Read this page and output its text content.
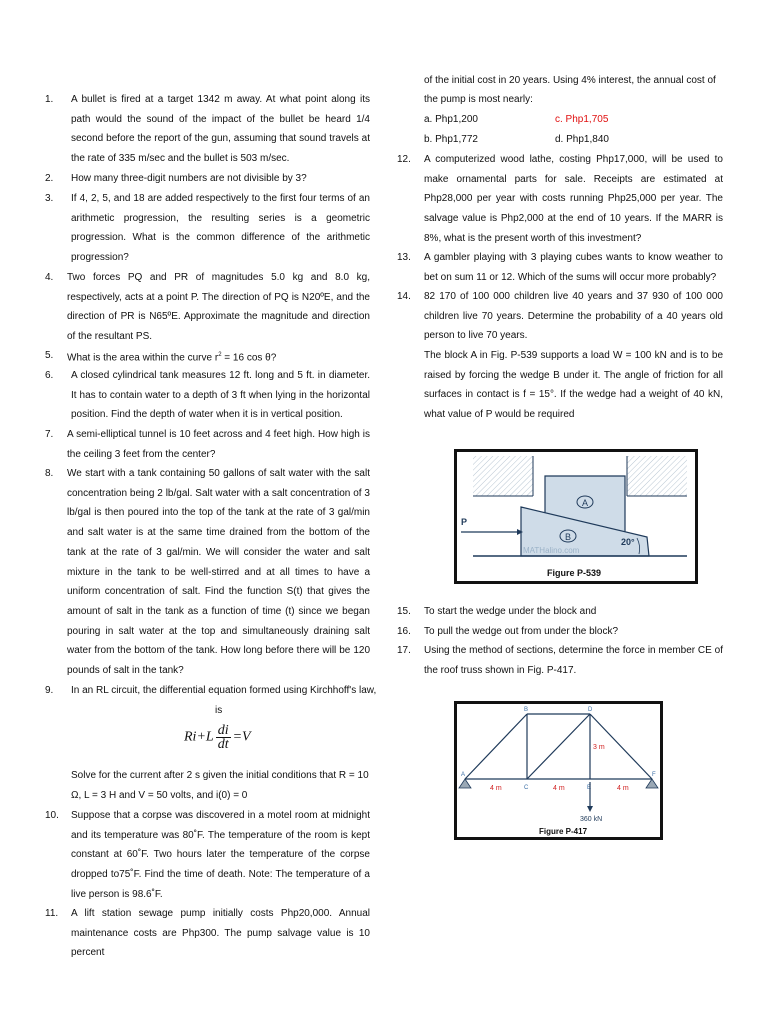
1. A bullet is fired at a target 1342 m away. At what point along its path would the sound of the impact of the bullet be heard 1/4 second before the report of the gun, assuming that sound travels at the rate of 335 m/sec and the bullet is 503 m/sec.
2. How many three-digit numbers are not divisible by 3?
3. If 4, 2, 5, and 18 are added respectively to the first four terms of an arithmetic progression, the resulting series is a geometric progression. What is the common difference of the arithmetic progression?
4. Two forces PQ and PR of magnitudes 5.0 kg and 8.0 kg, respectively, acts at a point P. The direction of PQ is N20ºE, and the direction of PR is N65ºE. Approximate the magnitude and direction of the resultant PS.
5. What is the area within the curve $r^2 = 16$ cos θ?
6. A closed cylindrical tank measures 12 ft. long and 5 ft. in diameter. It has to contain water to a depth of 3 ft when lying in the horizontal position. Find the depth of water when it is in vertical position.
7. A semi-elliptical tunnel is 10 feet across and 4 feet high. How high is the ceiling 3 feet from the center?
8. We start with a tank containing 50 gallons of salt water with the salt concentration being 2 lb/gal. Salt water with a salt concentration of 3 lb/gal is then poured into the top of the tank at the rate of 3 gal/min and salt water is at the same time drained from the bottom of the tank at the rate of 3 gal/min. We will consider the water and salt mixture in the tank to be well-stirred and at all times to have a uniform concentration of salt. Find the function S(t) that gives the amount of salt in the tank as a function of time (t) since we began pouring in salt water at the top and simultaneously draining salt water from the bottom of the tank. How long before there will be 120 pounds of salt in the tank?
9. In an RL circuit, the differential equation formed using Kirchhoff's law,
is
$Ri+L \frac{di}{dt} =V$
Solve for the current after 2 s given the initial conditions that R = 10
Ω, L = 3 H and V = 50 volts, and i(0) = 0
10. Suppose that a corpse was discovered in a motel room at midnight and its temperature was 80˚F. The temperature of the room is kept constant at 60˚F. Two hours later the temperature of the corpse dropped to75˚F. Find the time of death. Note: The temperature of a live person is 98.6˚F.
11. A lift station sewage pump initially costs Php20,000. Annual maintenance costs are Php300. The pump salvage value is 10 percent
of the initial cost in 20 years. Using 4% interest, the annual cost of
the pump is most nearly:
a. Php1,200	c. Php1,705
b. Php1,772	d. Php1,840
12. A computerized wood lathe, costing Php17,000, will be used to make ornamental parts for sale. Receipts are estimated at Php28,000 per year with costs running Php25,000 per year. The salvage value is Php2,000 at the end of 10 years. If the MARR is 8%, what is the present worth of this investment?
13. A gambler playing with 3 playing cubes wants to know weather to bet on sum 11 or 12. Which of the sums will occur more probably?
14. 82 170 of 100 000 children live 40 years and 37 930 of 100 000 children live 70 years. Determine the probability of a 40 years old person to live 70 years.
The block A in Fig. P-539 supports a load W = 100 kN and is to be raised by forcing the wedge B under it. The angle of friction for all surfaces in contact is f = 15°. If the wedge had a weight of 40 kN, what value of P would be required
A
B
P
20°
MATHalino.com
Figure P-539
15. To start the wedge under the block and
16. To pull the wedge out from under the block?
17. Using the method of sections, determine the force in member CE of the roof truss shown in Fig. P-417.
A
B
C
D
E
F
3 m
4 m	4 m	4 m
360 kN
Figure P-417
